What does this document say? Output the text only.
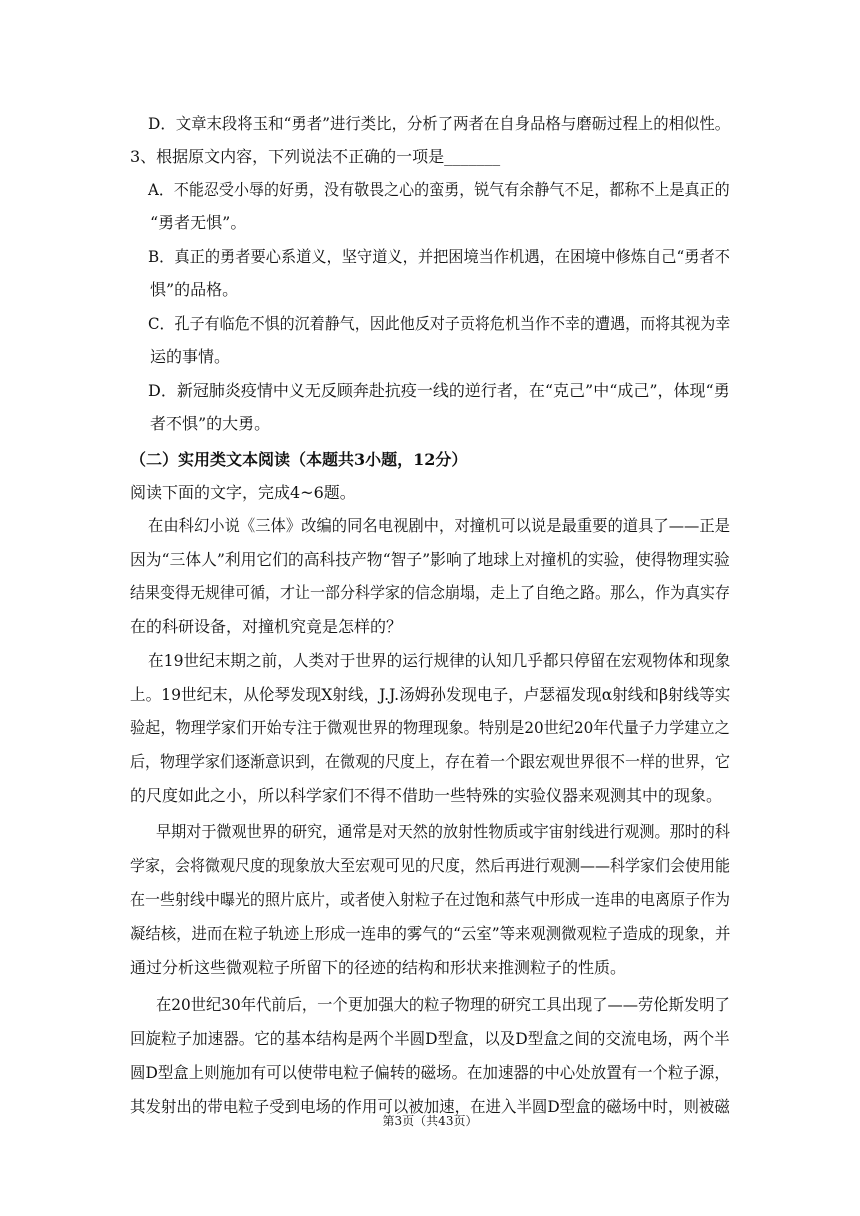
D．文章末段将玉和“勇者”进行类比，分析了两者在自身品格与磨砺过程上的相似性。
3、根据原文内容，下列说法不正确的一项是_______
A．不能忍受小辱的好勇，没有敬畏之心的蛮勇，锐气有余静气不足，都称不上是真正的
“勇者无惧”。
B．真正的勇者要心系道义，坚守道义，并把困境当作机遇，在困境中修炼自己“勇者不
惧”的品格。
C．孔子有临危不惧的沉着静气，因此他反对子贡将危机当作不幸的遭遇，而将其视为幸
运的事情。
D．新冠肺炎疫情中义无反顾奔赴抗疫一线的逆行者，在“克己”中“成己”，体现“勇
者不惧”的大勇。
（二）实用类文本阅读（本题共3小题，12分）
阅读下面的文字，完成4~6题。
在由科幻小说《三体》改编的同名电视剧中，对撞机可以说是最重要的道具了——正是
因为“三体人”利用它们的高科技产物“智子”影响了地球上对撞机的实验，使得物理实验
结果变得无规律可循，才让一部分科学家的信念崩塌，走上了自绝之路。那么，作为真实存
在的科研设备，对撞机究竟是怎样的？
在19世纪末期之前，人类对于世界的运行规律的认知几乎都只停留在宏观物体和现象
上。19世纪末，从伦琴发现X射线，J.J.汤姆孙发现电子，卢瑟福发现α射线和β射线等实
验起，物理学家们开始专注于微观世界的物理现象。特别是20世纪20年代量子力学建立之
后，物理学家们逐渐意识到，在微观的尺度上，存在着一个跟宏观世界很不一样的世界，它
的尺度如此之小，所以科学家们不得不借助一些特殊的实验仪器来观测其中的现象。
早期对于微观世界的研究，通常是对天然的放射性物质或宇宙射线进行观测。那时的科
学家，会将微观尺度的现象放大至宏观可见的尺度，然后再进行观测——科学家们会使用能
在一些射线中曝光的照片底片，或者使入射粒子在过饱和蒸气中形成一连串的电离原子作为
凝结核，进而在粒子轨迹上形成一连串的雾气的“云室”等来观测微观粒子造成的现象，并
通过分析这些微观粒子所留下的径迹的结构和形状来推测粒子的性质。
在20世纪30年代前后，一个更加强大的粒子物理的研究工具出现了——劳伦斯发明了
回旋粒子加速器。它的基本结构是两个半圆D型盒，以及D型盒之间的交流电场，两个半
圆D型盒上则施加有可以使带电粒子偏转的磁场。在加速器的中心处放置有一个粒子源，
其发射出的带电粒子受到电场的作用可以被加速，在进入半圆D型盒的磁场中时，则被磁
第3页（共43页）
